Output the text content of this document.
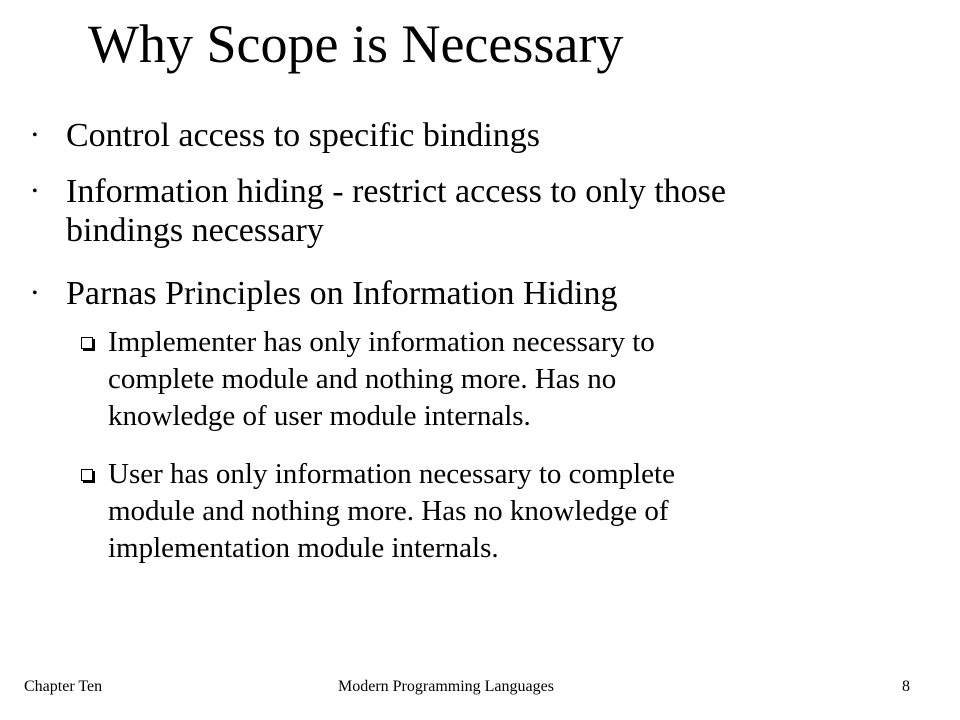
Why Scope is Necessary
• Control access to specific bindings
• Information hiding - restrict access to only those
bindings necessary
• Parnas Principles on Information Hiding
Implementer has only information necessary to
complete module and nothing more. Has no
knowledge of user module internals.
User has only information necessary to complete
module and nothing more. Has no knowledge of
implementation module internals.
Chapter Ten	Modern Programming Languages	8
